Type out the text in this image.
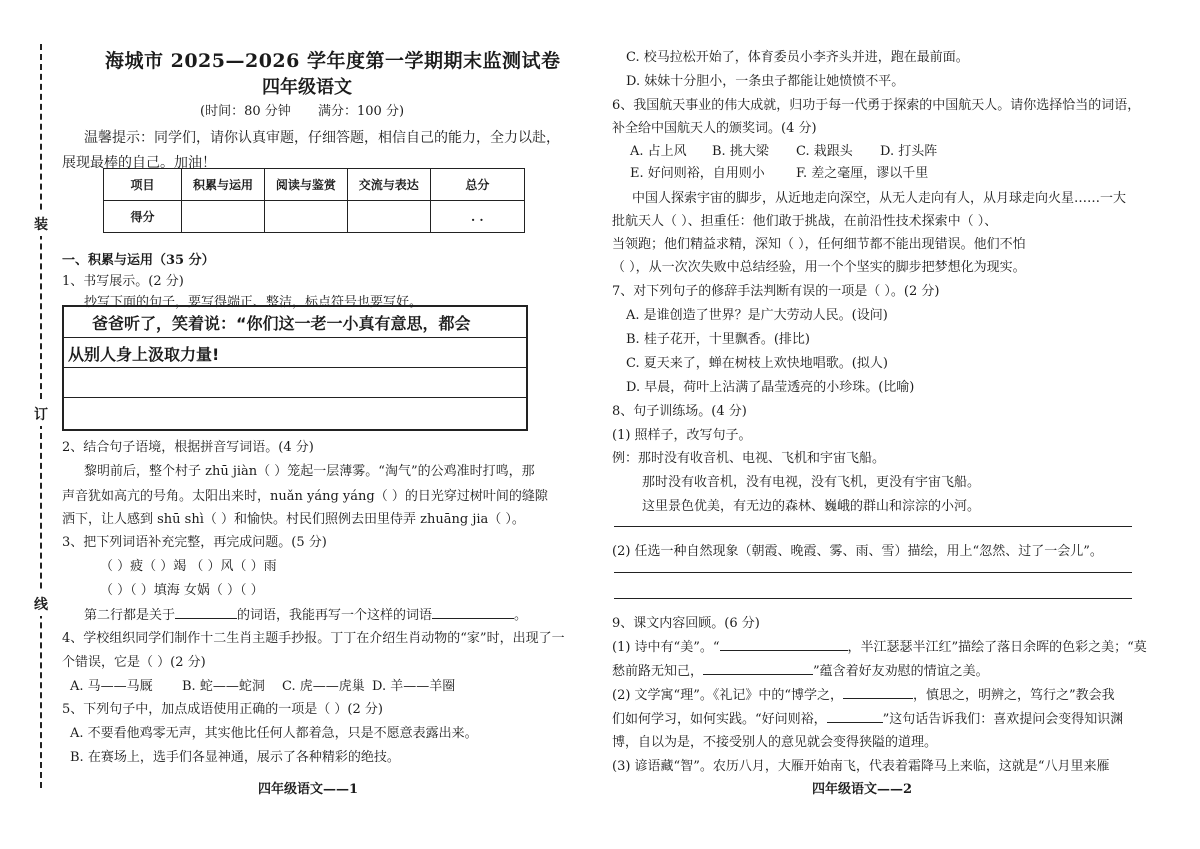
装
订
线
海城市 2025—2026 学年度第一学期期末监测试卷
四年级语文
(时间：80 分钟 满分：100 分)
温馨提示：同学们，请你认真审题，仔细答题，相信自己的能力，全力以赴，
展现最棒的自己。加油！
项目	积累与运用	阅读与鉴赏	交流与表达	总分
得分				. .
一、积累与运用（35 分）
1、书写展示。(2 分)
抄写下面的句子，要写得端正、整洁，标点符号也要写好。
爸爸听了，笑着说：“你们这一老一小真有意思，都会
从别人身上汲取力量!
2、结合句子语境，根据拼音写词语。(4 分)
黎明前后，整个村子 zhū jiàn（ ）笼起一层薄雾。“淘气”的公鸡准时打鸣，那
声音犹如高亢的号角。太阳出来时，nuǎn yáng yáng（ ）的日光穿过树叶间的缝隙
洒下，让人感到 shū shì（ ）和愉快。村民们照例去田里侍弄 zhuāng jia（ ）。
3、把下列词语补充完整，再完成问题。(5 分)
（ ）疲（ ）竭 （ ）风（ ）雨
（ ）（ ）填海 女娲（ ）（ ）
第二行都是关于	的词语，我能再写一个这样的词语	。
4、学校组织同学们制作十二生肖主题手抄报。丁丁在介绍生肖动物的“家”时，出现了一
个错误，它是（ ）(2 分)
A. 马——马厩 B. 蛇——蛇洞 C. 虎——虎巢 D. 羊——羊圈
5、下列句子中，加点成语使用正确的一项是（ ）(2 分)
A. 不要看他鸡零无声，其实他比任何人都着急，只是不愿意表露出来。
B. 在赛场上，选手们各显神通，展示了各种精彩的绝技。
四年级语文——1
C. 校马拉松开始了，体育委员小李齐头并进，跑在最前面。
D. 妹妹十分胆小，一条虫子都能让她愤愤不平。
6、我国航天事业的伟大成就，归功于每一代勇于探索的中国航天人。请你选择恰当的词语，
补全给中国航天人的颁奖词。(4 分)
A. 占上风 B. 挑大梁 C. 栽跟头 D. 打头阵
E. 好问则裕，自用则小 F. 差之毫厘，谬以千里
中国人探索宇宙的脚步，从近地走向深空，从无人走向有人，从月球走向火星……一大
批航天人（ ）、担重任：他们敢于挑战，在前沿性技术探索中（ ）、
当领跑；他们精益求精，深知（ ），任何细节都不能出现错误。他们不怕
（ ），从一次次失败中总结经验，用一个个坚实的脚步把梦想化为现实。
7、对下列句子的修辞手法判断有误的一项是（ ）。(2 分)
A. 是谁创造了世界？是广大劳动人民。(设问)
B. 桂子花开，十里飘香。(排比)
C. 夏天来了，蝉在树枝上欢快地唱歌。(拟人)
D. 早晨，荷叶上沾满了晶莹透亮的小珍珠。(比喻)
8、句子训练场。(4 分)
(1) 照样子，改写句子。
例：那时没有收音机、电视、飞机和宇宙飞船。
那时没有收音机，没有电视，没有飞机，更没有宇宙飞船。
这里景色优美，有无边的森林、巍峨的群山和淙淙的小河。
(2) 任选一种自然现象（朝霞、晚霞、雾、雨、雪）描绘，用上“忽然、过了一会儿”。
9、课文内容回顾。(6 分)
(1) 诗中有“美”。“	，半江瑟瑟半江红”描绘了落日余晖的色彩之美；“莫
愁前路无知己，	”蕴含着好友劝慰的情谊之美。
(2) 文学寓“理”。《礼记》中的“博学之，	，慎思之，明辨之，笃行之”教会我
们如何学习，如何实践。“好问则裕，	”这句话告诉我们：喜欢提问会变得知识渊
博，自以为是，不接受别人的意见就会变得狭隘的道理。
(3) 谚语藏“智”。农历八月，大雁开始南飞，代表着霜降马上来临，这就是“八月里来雁
四年级语文——2
